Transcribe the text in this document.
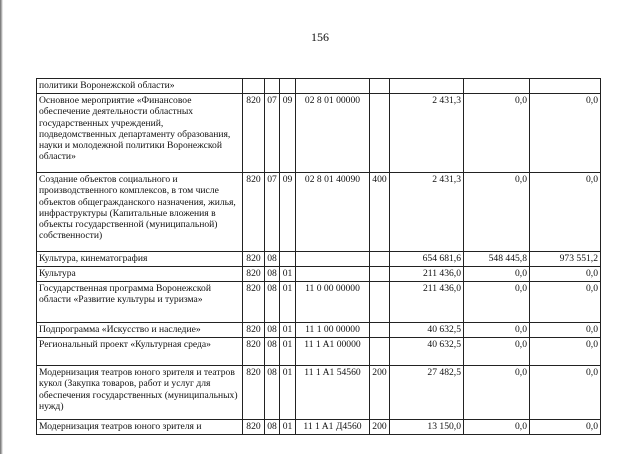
156
политики Воронежской области»								
Основное мероприятие «Финансовое обеспечение деятельности областных государственных учреждений, подведомственных департаменту образования, науки и молодежной политики Воронежской области»	820	07	09	02 8 01 00000		2 431,3	0,0	0,0
Создание объектов социального и производственного комплексов, в том числе объектов общегражданского назначения, жилья, инфраструктуры (Капитальные вложения в объекты государственной (муниципальной) собственности)	820	07	09	02 8 01 40090	400	2 431,3	0,0	0,0
Культура, кинематография	820	08				654 681,6	548 445,8	973 551,2
Культура	820	08	01			211 436,0	0,0	0,0
Государственная программа Воронежской области «Развитие культуры и туризма»	820	08	01	11 0 00 00000		211 436,0	0,0	0,0
Подпрограмма «Искусство и наследие»	820	08	01	11 1 00 00000		40 632,5	0,0	0,0
Региональный проект «Культурная среда»	820	08	01	11 1 A1 00000		40 632,5	0,0	0,0
Модернизация театров юного зрителя и театров кукол (Закупка товаров, работ и услуг для обеспечения государственных (муниципальных) нужд)	820	08	01	11 1 A1 54560	200	27 482,5	0,0	0,0
Модернизация театров юного зрителя и	820	08	01	11 1 A1 Д4560	200	13 150,0	0,0	0,0
